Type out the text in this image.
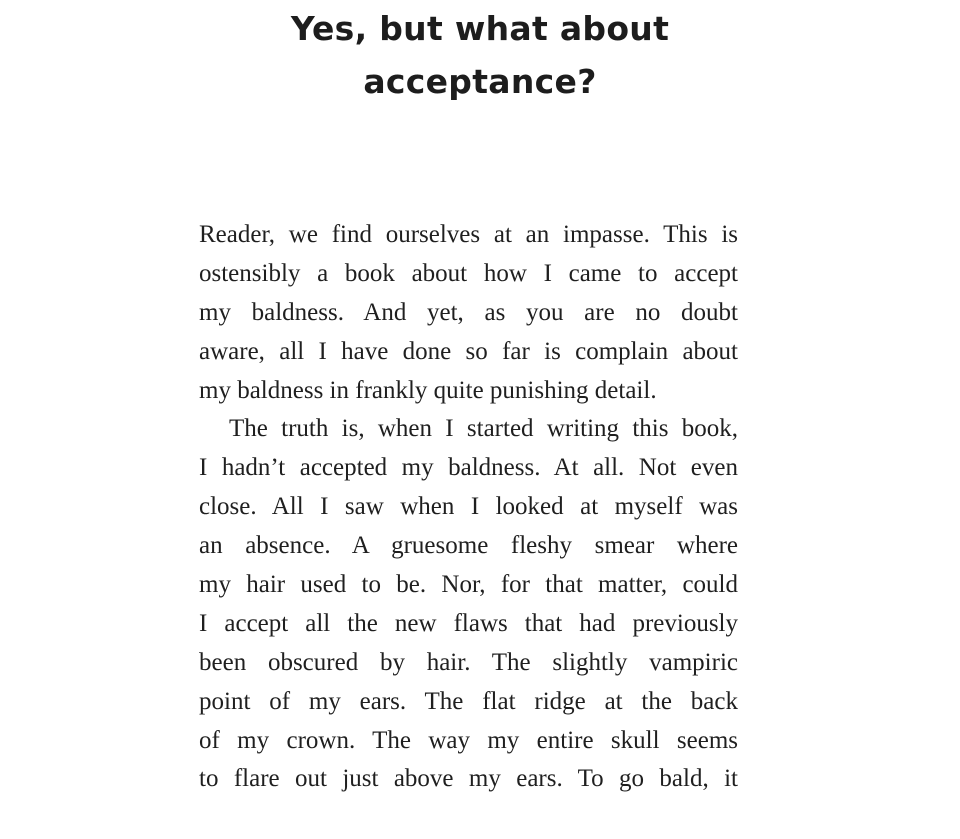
Yes, but what about
acceptance?
Reader, we find ourselves at an impasse. This is
ostensibly a book about how I came to accept
my baldness. And yet, as you are no doubt
aware, all I have done so far is complain about
my baldness in frankly quite punishing detail.
The truth is, when I started writing this book,
I hadn’t accepted my baldness. At all. Not even
close. All I saw when I looked at myself was
an absence. A gruesome fleshy smear where
my hair used to be. Nor, for that matter, could
I accept all the new flaws that had previously
been obscured by hair. The slightly vampiric
point of my ears. The flat ridge at the back
of my crown. The way my entire skull seems
to flare out just above my ears. To go bald, it
